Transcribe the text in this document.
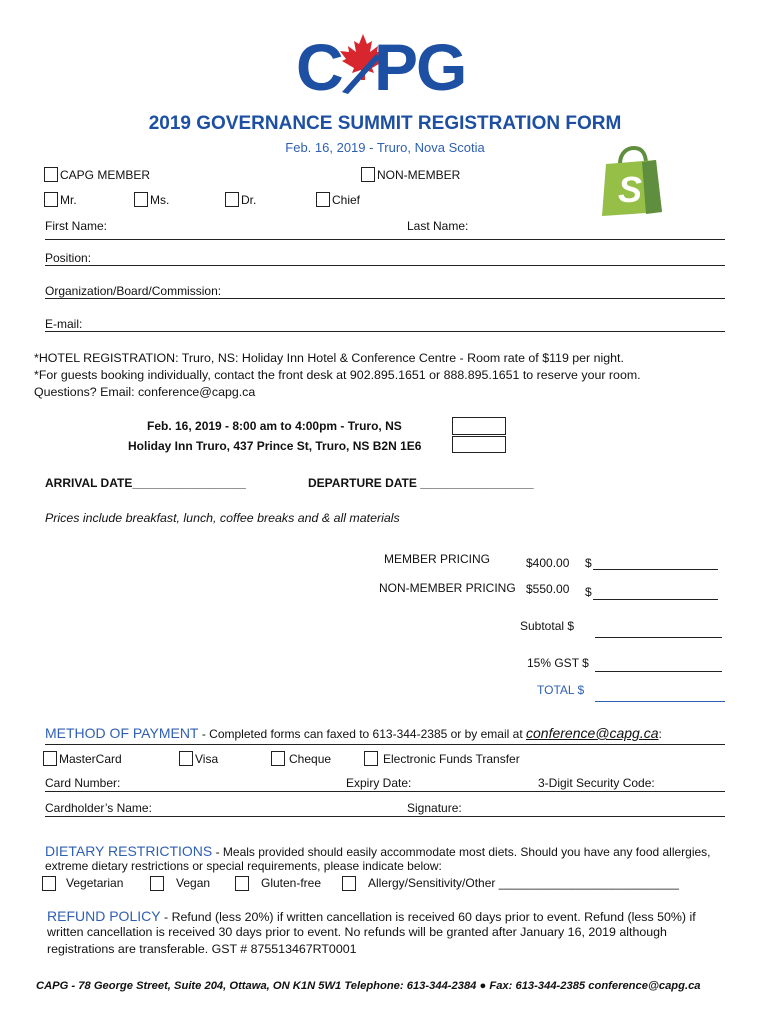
C PG
S
2019 GOVERNANCE SUMMIT REGISTRATION FORM
Feb. 16, 2019 - Truro, Nova Scotia
CAPG MEMBER	NON-MEMBER
Mr.	Ms.	Dr.	Chief
First Name:	Last Name:
Position:
Organization/Board/Commission:
E-mail:
*HOTEL REGISTRATION: Truro, NS: Holiday Inn Hotel & Conference Centre - Room rate of $119 per night.
*For guests booking individually, contact the front desk at 902.895.1651 or 888.895.1651 to reserve your room.
Questions? Email: conference@capg.ca
Feb. 16, 2019 - 8:00 am to 4:00pm - Truro, NS
Holiday Inn Truro, 437 Prince St, Truro, NS B2N 1E6
ARRIVAL DATE_________________	DEPARTURE DATE _________________
Prices include breakfast, lunch, coffee breaks and & all materials
MEMBER PRICING	$400.00 $
NON-MEMBER PRICING $550.00 $
Subtotal $
15% GST $
TOTAL $
METHOD OF PAYMENT - Completed forms can faxed to 613-344-2385 or by email at conference@capg.ca:
MasterCard	Visa	Cheque	Electronic Funds Transfer
Card Number:	Expiry Date:	3-Digit Security Code:
Cardholder’s Name:	Signature:
DIETARY RESTRICTIONS - Meals provided should easily accommodate most diets. Should you have any food allergies,
extreme dietary restrictions or special requirements, please indicate below:
Vegetarian	Vegan	Gluten-free	Allergy/Sensitivity/Other ___________________________
REFUND POLICY - Refund (less 20%) if written cancellation is received 60 days prior to event. Refund (less 50%) if
written cancellation is received 30 days prior to event. No refunds will be granted after January 16, 2019 although
registrations are transferable. GST # 875513467RT0001
CAPG - 78 George Street, Suite 204, Ottawa, ON K1N 5W1 Telephone: 613-344-2384 ● Fax: 613-344-2385 conference@capg.ca
